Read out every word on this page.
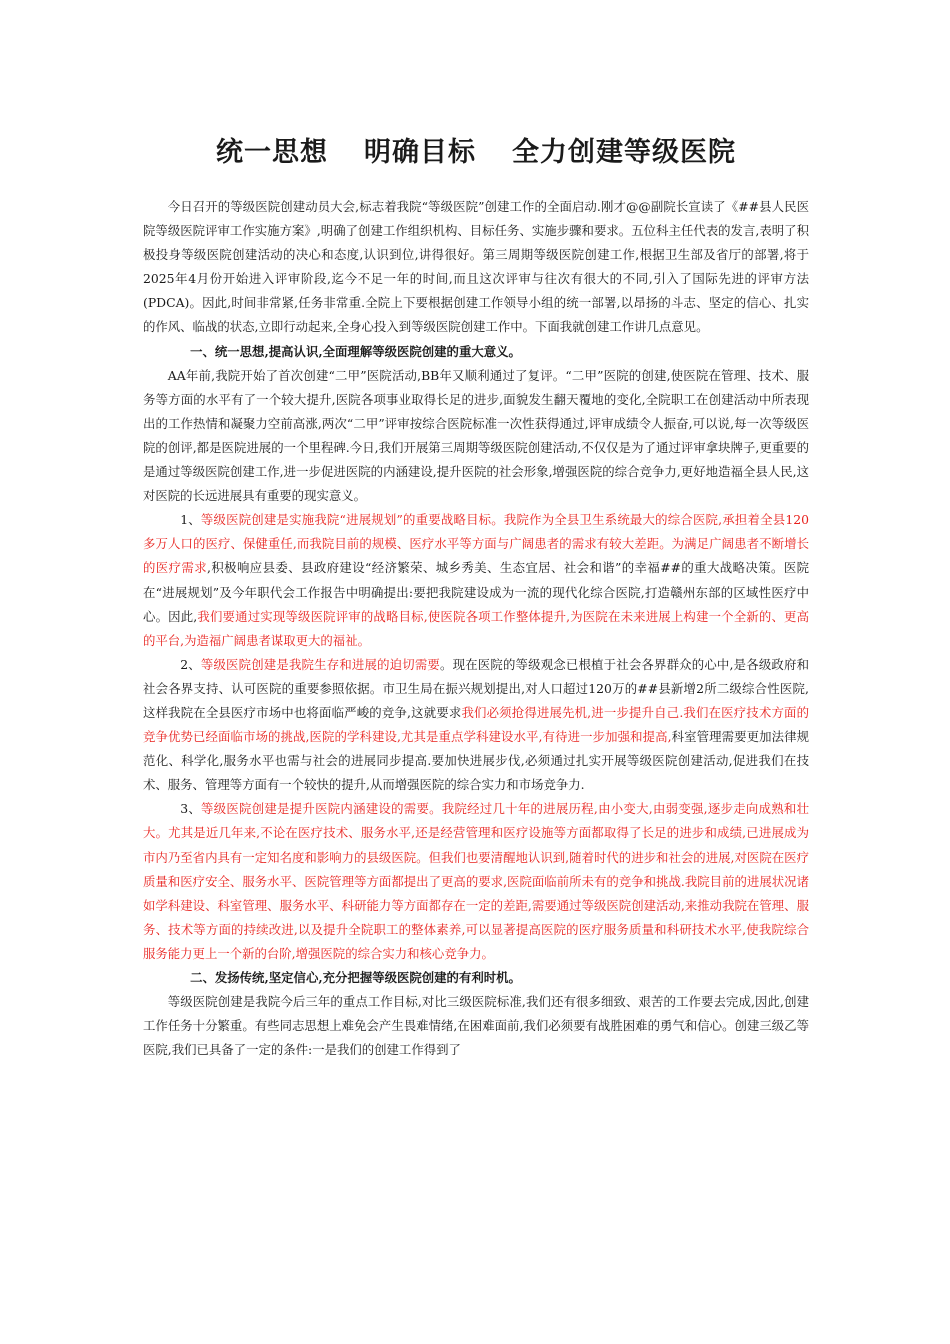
统一思想 明确目标 全力创建等级医院

今日召开的等级医院创建动员大会,标志着我院“等级医院”创建工作的全面启动.刚才@@副院长宣读了《##县人民医院等级医院评审工作实施方案》,明确了创建工作组织机构、目标任务、实施步骤和要求。五位科主任代表的发言,表明了积极投身等级医院创建活动的决心和态度,认识到位,讲得很好。第三周期等级医院创建工作,根据卫生部及省厅的部署,将于2025年4月份开始进入评审阶段,迄今不足一年的时间,而且这次评审与往次有很大的不同,引入了国际先进的评审方法(PDCA)。因此,时间非常紧,任务非常重.全院上下要根据创建工作领导小组的统一部署,以昂扬的斗志、坚定的信心、扎实的作风、临战的状态,立即行动起来,全身心投入到等级医院创建工作中。下面我就创建工作讲几点意见。

一、统一思想,提高认识,全面理解等级医院创建的重大意义。

AA年前,我院开始了首次创建“二甲”医院活动,BB年又顺利通过了复评。“二甲”医院的创建,使医院在管理、技术、服务等方面的水平有了一个较大提升,医院各项事业取得长足的进步,面貌发生翻天覆地的变化,全院职工在创建活动中所表现出的工作热情和凝聚力空前高涨,两次“二甲”评审按综合医院标准一次性获得通过,评审成绩令人振奋,可以说,每一次等级医院的创评,都是医院进展的一个里程碑.今日,我们开展第三周期等级医院创建活动,不仅仅是为了通过评审拿块牌子,更重要的是通过等级医院创建工作,进一步促进医院的内涵建设,提升医院的社会形象,增强医院的综合竞争力,更好地造福全县人民,这对医院的长远进展具有重要的现实意义。

1、等级医院创建是实施我院“进展规划”的重要战略目标。我院作为全县卫生系统最大的综合医院,承担着全县120多万人口的医疗、保健重任,而我院目前的规模、医疗水平等方面与广阔患者的需求有较大差距。为满足广阔患者不断增长的医疗需求,积极响应县委、县政府建设“经济繁荣、城乡秀美、生态宜居、社会和谐”的幸福##的重大战略决策。医院在“进展规划”及今年职代会工作报告中明确提出:要把我院建设成为一流的现代化综合医院,打造赣州东部的区域性医疗中心。因此,我们要通过实现等级医院评审的战略目标,使医院各项工作整体提升,为医院在未来进展上构建一个全新的、更高的平台,为造福广阔患者谋取更大的福祉。

2、等级医院创建是我院生存和进展的迫切需要。现在医院的等级观念已根植于社会各界群众的心中,是各级政府和社会各界支持、认可医院的重要参照依据。市卫生局在振兴规划提出,对人口超过120万的##县新增2所二级综合性医院,这样我院在全县医疗市场中也将面临严峻的竞争,这就要求我们必须抢得进展先机,进一步提升自己.我们在医疗技术方面的竞争优势已经面临市场的挑战,医院的学科建设,尤其是重点学科建设水平,有待进一步加强和提高,科室管理需要更加法律规范化、科学化,服务水平也需与社会的进展同步提高.要加快进展步伐,必须通过扎实开展等级医院创建活动,促进我们在技术、服务、管理等方面有一个较快的提升,从而增强医院的综合实力和市场竞争力.

3、等级医院创建是提升医院内涵建设的需要。我院经过几十年的进展历程,由小变大,由弱变强,逐步走向成熟和壮大。尤其是近几年来,不论在医疗技术、服务水平,还是经营管理和医疗设施等方面都取得了长足的进步和成绩,已进展成为市内乃至省内具有一定知名度和影响力的县级医院。但我们也要清醒地认识到,随着时代的进步和社会的进展,对医院在医疗质量和医疗安全、服务水平、医院管理等方面都提出了更高的要求,医院面临前所未有的竞争和挑战.我院目前的进展状况诸如学科建设、科室管理、服务水平、科研能力等方面都存在一定的差距,需要通过等级医院创建活动,来推动我院在管理、服务、技术等方面的持续改进,以及提升全院职工的整体素养,可以显著提高医院的医疗服务质量和科研技术水平,使我院综合服务能力更上一个新的台阶,增强医院的综合实力和核心竞争力。

二、发扬传统,坚定信心,充分把握等级医院创建的有利时机。

等级医院创建是我院今后三年的重点工作目标,对比三级医院标准,我们还有很多细致、艰苦的工作要去完成,因此,创建工作任务十分繁重。有些同志思想上难免会产生畏难情绪,在困难面前,我们必须要有战胜困难的勇气和信心。创建三级乙等医院,我们已具备了一定的条件:一是我们的创建工作得到了
